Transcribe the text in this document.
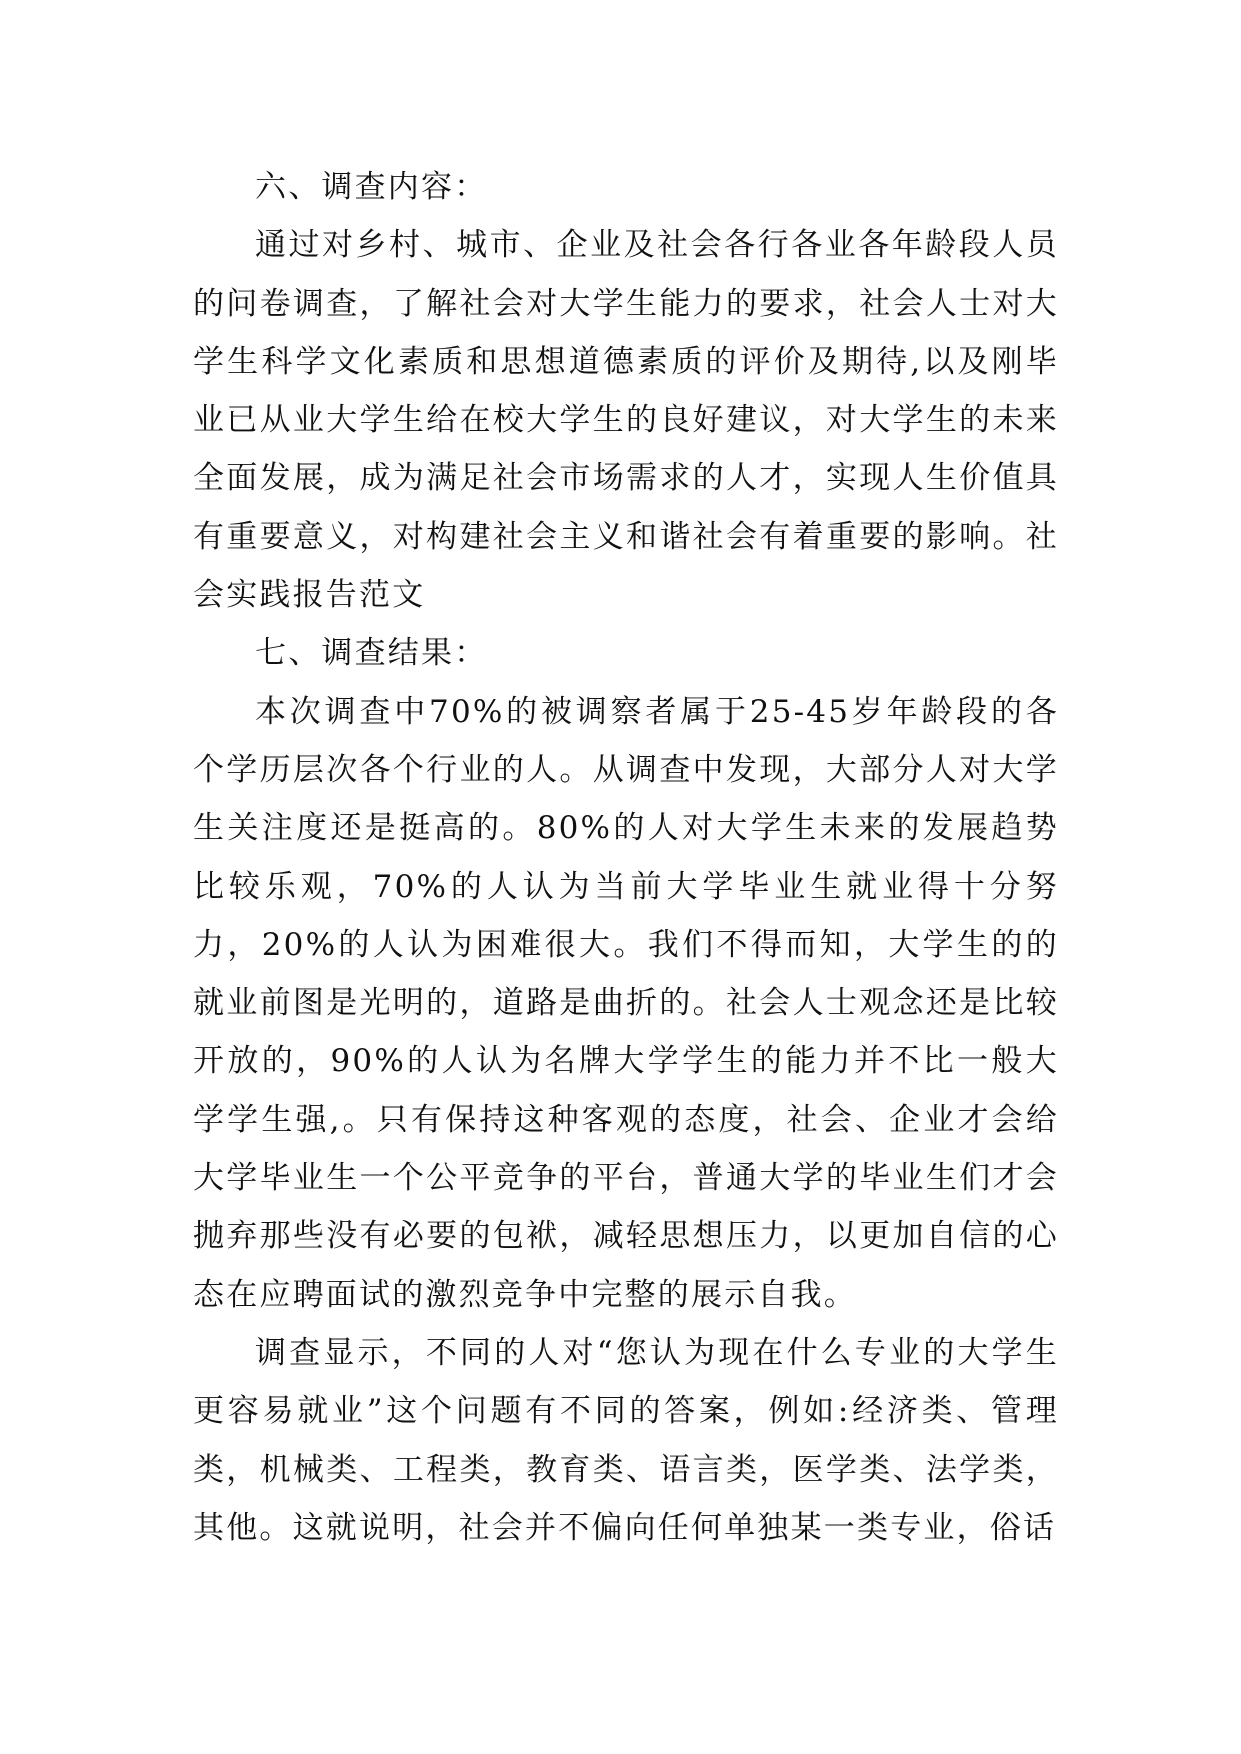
六、调查内容：

通过对乡村、城市、企业及社会各行各业各年龄段人员的问卷调查，了解社会对大学生能力的要求，社会人士对大学生科学文化素质和思想道德素质的评价及期待,以及刚毕业已从业大学生给在校大学生的良好建议，对大学生的未来全面发展，成为满足社会市场需求的人才，实现人生价值具有重要意义，对构建社会主义和谐社会有着重要的影响。社会实践报告范文

七、调查结果：

本次调查中70%的被调察者属于25-45岁年龄段的各个学历层次各个行业的人。从调查中发现，大部分人对大学生关注度还是挺高的。80%的人对大学生未来的发展趋势比较乐观，70%的人认为当前大学毕业生就业得十分努力，20%的人认为困难很大。我们不得而知，大学生的的就业前图是光明的，道路是曲折的。社会人士观念还是比较开放的，90%的人认为名牌大学学生的能力并不比一般大学学生强,。只有保持这种客观的态度，社会、企业才会给大学毕业生一个公平竞争的平台，普通大学的毕业生们才会抛弃那些没有必要的包袱，减轻思想压力，以更加自信的心态在应聘面试的激烈竞争中完整的展示自我。

调查显示，不同的人对“您认为现在什么专业的大学生更容易就业”这个问题有不同的答案，例如:经济类、管理类，机械类、工程类，教育类、语言类，医学类、法学类，其他。这就说明，社会并不偏向任何单独某一类专业，俗话
